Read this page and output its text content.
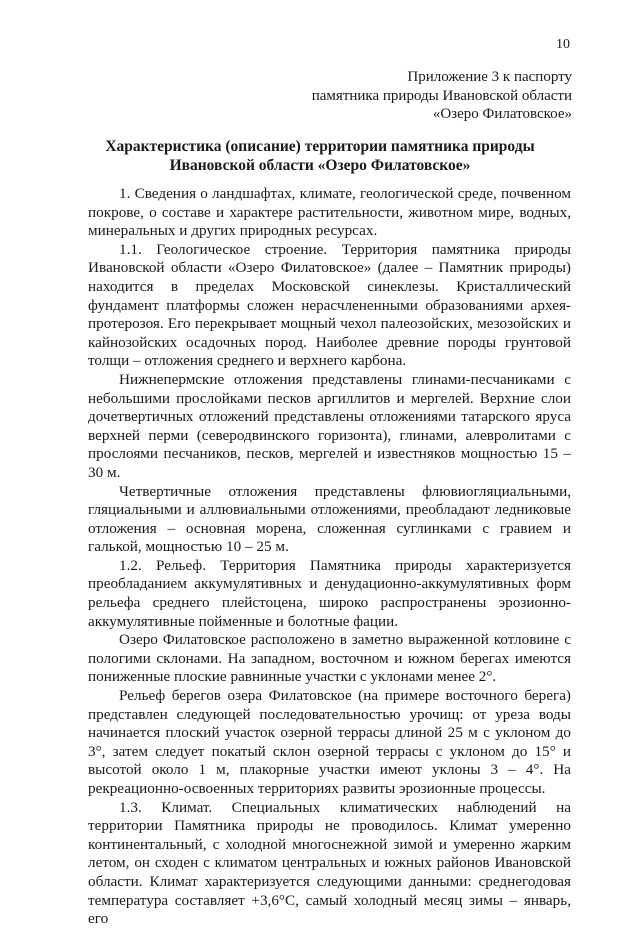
10
Приложение 3 к паспорту
памятника природы Ивановской области
«Озеро Филатовское»
Характеристика (описание) территории памятника природы
Ивановской области «Озеро Филатовское»

1. Сведения о ландшафтах, климате, геологической среде, почвенном покрове, о составе и характере растительности, животном мире, водных, минеральных и других природных ресурсах.

1.1. Геологическое строение. Территория памятника природы Ивановской области «Озеро Филатовское» (далее – Памятник природы) находится в пределах Московской синеклезы. Кристаллический фундамент платформы сложен нерасчлененными образованиями архея-протерозоя. Его перекрывает мощный чехол палеозойских, мезозойских и кайнозойских осадочных пород. Наиболее древние породы грунтовой толщи – отложения среднего и верхнего карбона.

Нижнепермские отложения представлены глинами-песчаниками с небольшими прослойками песков аргиллитов и мергелей. Верхние слои дочетвертичных отложений представлены отложениями татарского яруса верхней перми (северодвинского горизонта), глинами, алевролитами с прослоями песчаников, песков, мергелей и известняков мощностью 15 – 30 м.

Четвертичные отложения представлены флювиогляциальными, гляциальными и аллювиальными отложениями, преобладают ледниковые отложения – основная морена, сложенная суглинками с гравием и галькой, мощностью 10 – 25 м.

1.2. Рельеф. Территория Памятника природы характеризуется преобладанием аккумулятивных и денудационно-аккумулятивных форм рельефа среднего плейстоцена, широко распространены эрозионно-аккумулятивные пойменные и болотные фации.

Озеро Филатовское расположено в заметно выраженной котловине с пологими склонами. На западном, восточном и южном берегах имеются пониженные плоские равнинные участки с уклонами менее 2°.

Рельеф берегов озера Филатовское (на примере восточного берега) представлен следующей последовательностью урочищ: от уреза воды начинается плоский участок озерной террасы длиной 25 м с уклоном до 3°, затем следует покатый склон озерной террасы с уклоном до 15° и высотой около 1 м, плакорные участки имеют уклоны 3 – 4°. На рекреационно-освоенных территориях развиты эрозионные процессы.

1.3. Климат. Специальных климатических наблюдений на территории Памятника природы не проводилось. Климат умеренно континентальный, с холодной многоснежной зимой и умеренно жарким летом, он сходен с климатом центральных и южных районов Ивановской области. Климат характеризуется следующими данными: среднегодовая температура составляет +3,6°С, самый холодный месяц зимы – январь, его
